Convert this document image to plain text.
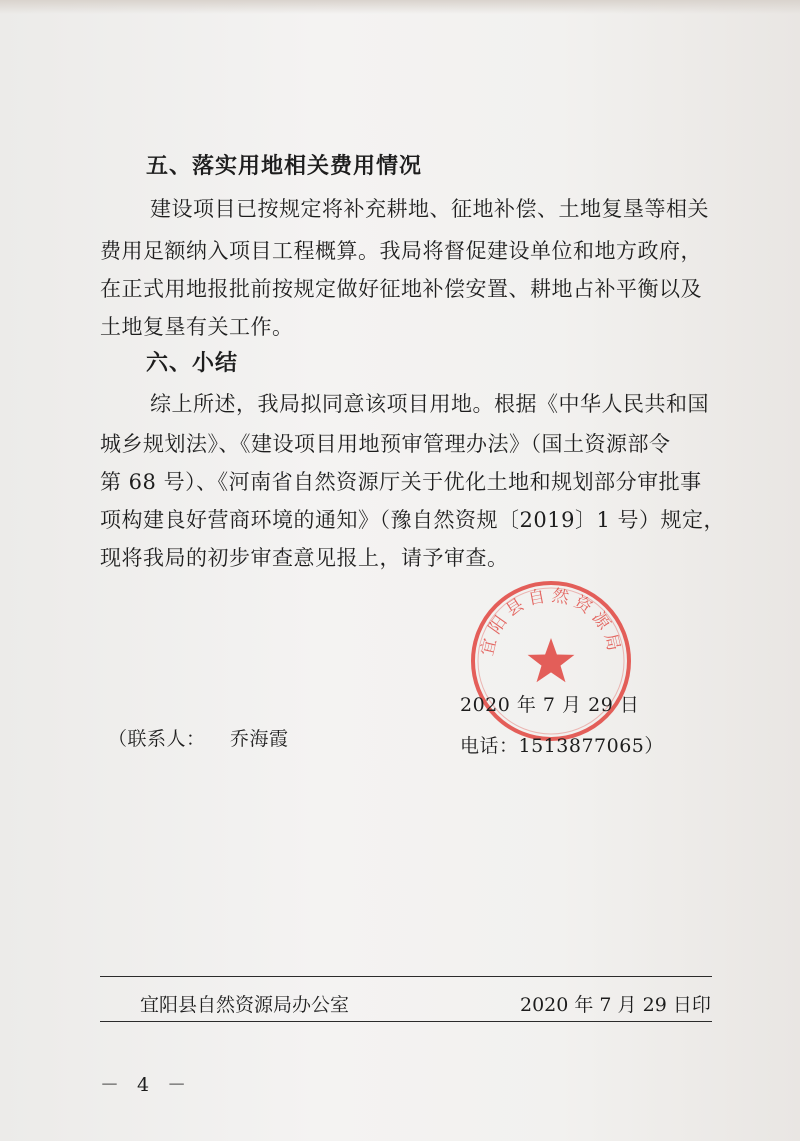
五、落实用地相关费用情况
建设项目已按规定将补充耕地、征地补偿、土地复垦等相关
费用足额纳入项目工程概算。我局将督促建设单位和地方政府，
在正式用地报批前按规定做好征地补偿安置、耕地占补平衡以及
土地复垦有关工作。
六、小结
综上所述，我局拟同意该项目用地。根据《中华人民共和国
城乡规划法》、《建设项目用地预审管理办法》（国土资源部令
第 68 号）、《河南省自然资源厅关于优化土地和规划部分审批事
项构建良好营商环境的通知》（豫自然资规〔2019〕1 号）规定，
现将我局的初步审查意见报上，请予审查。
宜阳县自然资源局
2020 年 7 月 29 日
（联系人： 乔海霞	电话：1513877065）
宜阳县自然资源局办公室	2020 年 7 月 29 日印
－ 4 －
